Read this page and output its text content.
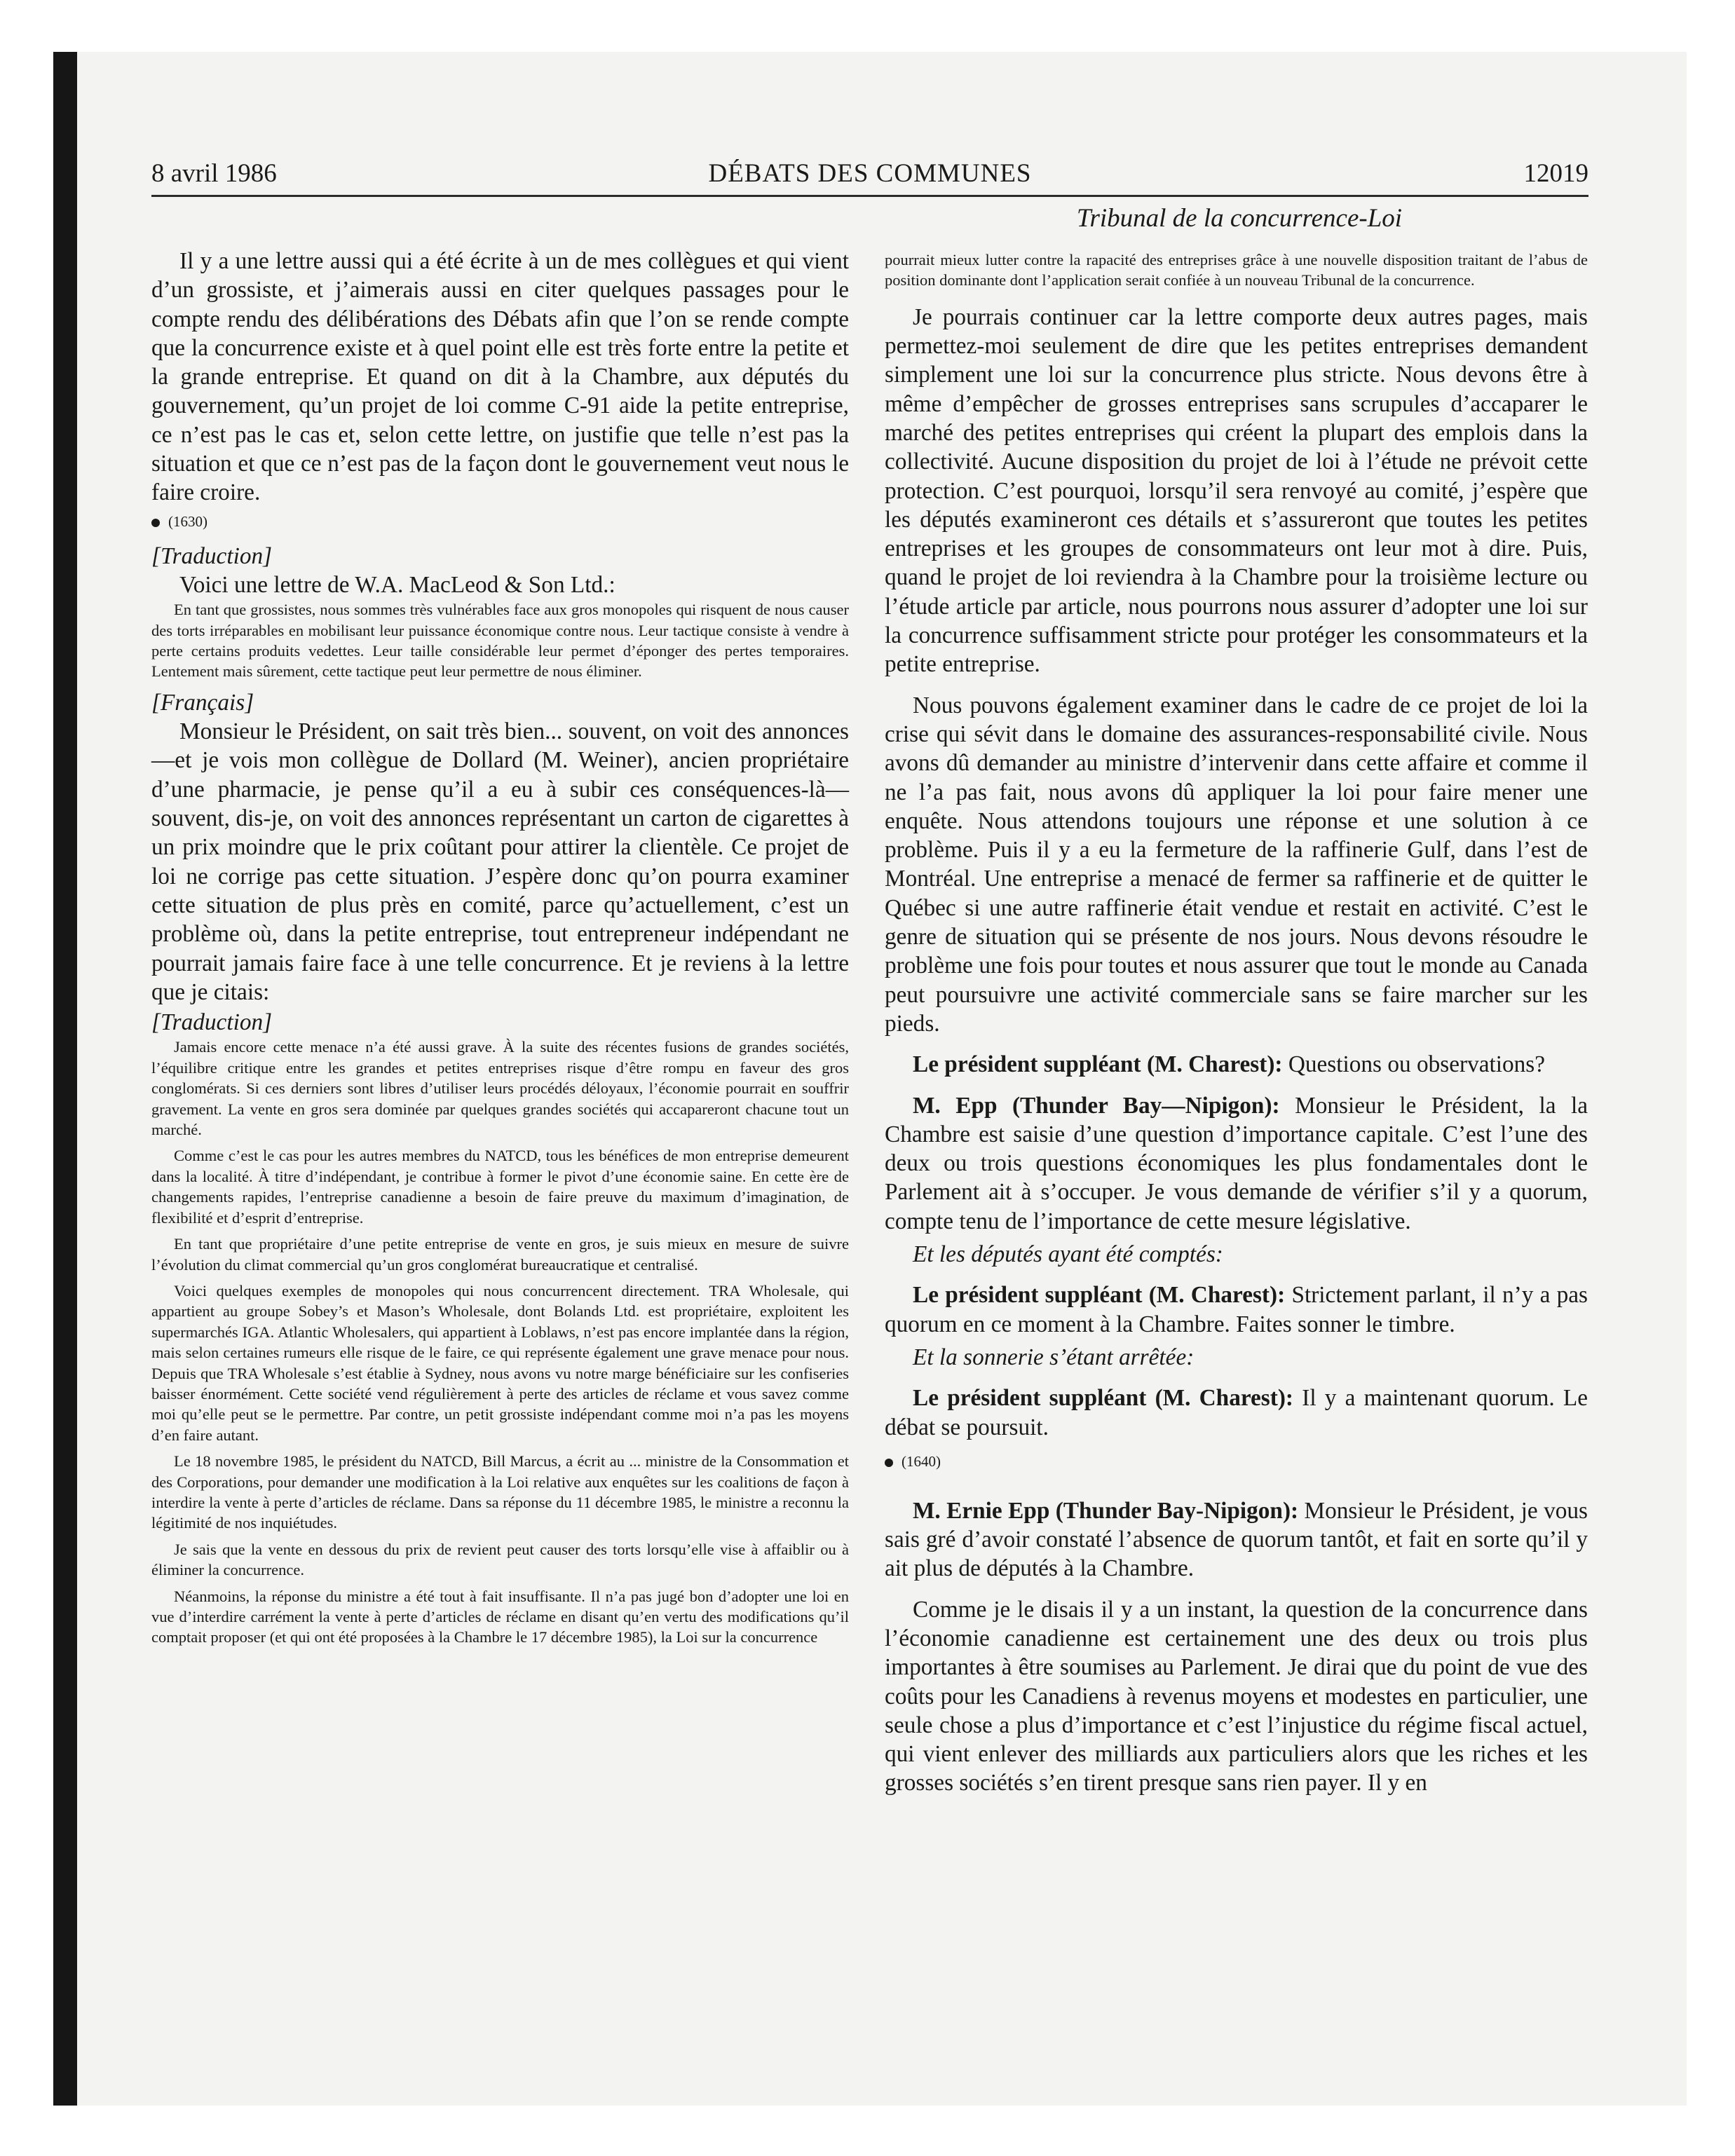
8 avril 1986	DÉBATS DES COMMUNES	12019
Tribunal de la concurrence-Loi

Il y a une lettre aussi qui a été écrite à un de mes collègues et qui vient d’un grossiste, et j’aimerais aussi en citer quelques passages pour le compte rendu des délibérations des Débats afin que l’on se rende compte que la concurrence existe et à quel point elle est très forte entre la petite et la grande entreprise. Et quand on dit à la Chambre, aux députés du gouvernement, qu’un projet de loi comme C-91 aide la petite entreprise, ce n’est pas le cas et, selon cette lettre, on justifie que telle n’est pas la situation et que ce n’est pas de la façon dont le gouvernement veut nous le faire croire.

(1630)

[Traduction]

Voici une lettre de W.A. MacLeod & Son Ltd.:

En tant que grossistes, nous sommes très vulnérables face aux gros monopoles qui risquent de nous causer des torts irréparables en mobilisant leur puissance économique contre nous. Leur tactique consiste à vendre à perte certains produits vedettes. Leur taille considérable leur permet d’éponger des pertes temporaires. Lentement mais sûrement, cette tactique peut leur permettre de nous éliminer.

[Français]

Monsieur le Président, on sait très bien... souvent, on voit des annonces—et je vois mon collègue de Dollard (M. Weiner), ancien propriétaire d’une pharmacie, je pense qu’il a eu à subir ces conséquences-là—souvent, dis-je, on voit des annonces représentant un carton de cigarettes à un prix moindre que le prix coûtant pour attirer la clientèle. Ce projet de loi ne corrige pas cette situation. J’espère donc qu’on pourra examiner cette situation de plus près en comité, parce qu’actuellement, c’est un problème où, dans la petite entreprise, tout entrepreneur indépendant ne pourrait jamais faire face à une telle concurrence. Et je reviens à la lettre que je citais:

[Traduction]

Jamais encore cette menace n’a été aussi grave. À la suite des récentes fusions de grandes sociétés, l’équilibre critique entre les grandes et petites entreprises risque d’être rompu en faveur des gros conglomérats. Si ces derniers sont libres d’utiliser leurs procédés déloyaux, l’économie pourrait en souffrir gravement. La vente en gros sera dominée par quelques grandes sociétés qui accapareront chacune tout un marché.

Comme c’est le cas pour les autres membres du NATCD, tous les bénéfices de mon entreprise demeurent dans la localité. À titre d’indépendant, je contribue à former le pivot d’une économie saine. En cette ère de changements rapides, l’entreprise canadienne a besoin de faire preuve du maximum d’imagination, de flexibilité et d’esprit d’entreprise.

En tant que propriétaire d’une petite entreprise de vente en gros, je suis mieux en mesure de suivre l’évolution du climat commercial qu’un gros conglomérat bureaucratique et centralisé.

Voici quelques exemples de monopoles qui nous concurrencent directement. TRA Wholesale, qui appartient au groupe Sobey’s et Mason’s Wholesale, dont Bolands Ltd. est propriétaire, exploitent les supermarchés IGA. Atlantic Wholesalers, qui appartient à Loblaws, n’est pas encore implantée dans la région, mais selon certaines rumeurs elle risque de le faire, ce qui représente également une grave menace pour nous. Depuis que TRA Wholesale s’est établie à Sydney, nous avons vu notre marge bénéficiaire sur les confiseries baisser énormément. Cette société vend régulièrement à perte des articles de réclame et vous savez comme moi qu’elle peut se le permettre. Par contre, un petit grossiste indépendant comme moi n’a pas les moyens d’en faire autant.

Le 18 novembre 1985, le président du NATCD, Bill Marcus, a écrit au ... ministre de la Consommation et des Corporations, pour demander une modification à la Loi relative aux enquêtes sur les coalitions de façon à interdire la vente à perte d’articles de réclame. Dans sa réponse du 11 décembre 1985, le ministre a reconnu la légitimité de nos inquiétudes.

Je sais que la vente en dessous du prix de revient peut causer des torts lorsqu’elle vise à affaiblir ou à éliminer la concurrence.

Néanmoins, la réponse du ministre a été tout à fait insuffisante. Il n’a pas jugé bon d’adopter une loi en vue d’interdire carrément la vente à perte d’articles de réclame en disant qu’en vertu des modifications qu’il comptait proposer (et qui ont été proposées à la Chambre le 17 décembre 1985), la Loi sur la concurrence

pourrait mieux lutter contre la rapacité des entreprises grâce à une nouvelle disposition traitant de l’abus de position dominante dont l’application serait confiée à un nouveau Tribunal de la concurrence.

Je pourrais continuer car la lettre comporte deux autres pages, mais permettez-moi seulement de dire que les petites entreprises demandent simplement une loi sur la concurrence plus stricte. Nous devons être à même d’empêcher de grosses entreprises sans scrupules d’accaparer le marché des petites entreprises qui créent la plupart des emplois dans la collectivité. Aucune disposition du projet de loi à l’étude ne prévoit cette protection. C’est pourquoi, lorsqu’il sera renvoyé au comité, j’espère que les députés examineront ces détails et s’assureront que toutes les petites entreprises et les groupes de consommateurs ont leur mot à dire. Puis, quand le projet de loi reviendra à la Chambre pour la troisième lecture ou l’étude article par article, nous pourrons nous assurer d’adopter une loi sur la concurrence suffisamment stricte pour protéger les consommateurs et la petite entreprise.

Nous pouvons également examiner dans le cadre de ce projet de loi la crise qui sévit dans le domaine des assurances-responsabilité civile. Nous avons dû demander au ministre d’intervenir dans cette affaire et comme il ne l’a pas fait, nous avons dû appliquer la loi pour faire mener une enquête. Nous attendons toujours une réponse et une solution à ce problème. Puis il y a eu la fermeture de la raffinerie Gulf, dans l’est de Montréal. Une entreprise a menacé de fermer sa raffinerie et de quitter le Québec si une autre raffinerie était vendue et restait en activité. C’est le genre de situation qui se présente de nos jours. Nous devons résoudre le problème une fois pour toutes et nous assurer que tout le monde au Canada peut poursuivre une activité commerciale sans se faire marcher sur les pieds.

Le président suppléant (M. Charest): Questions ou observations?

M. Epp (Thunder Bay—Nipigon): Monsieur le Président, la la Chambre est saisie d’une question d’importance capitale. C’est l’une des deux ou trois questions économiques les plus fondamentales dont le Parlement ait à s’occuper. Je vous demande de vérifier s’il y a quorum, compte tenu de l’importance de cette mesure législative.

Et les députés ayant été comptés:

Le président suppléant (M. Charest): Strictement parlant, il n’y a pas quorum en ce moment à la Chambre. Faites sonner le timbre.

Et la sonnerie s’étant arrêtée:

Le président suppléant (M. Charest): Il y a maintenant quorum. Le débat se poursuit.

(1640)

M. Ernie Epp (Thunder Bay-Nipigon): Monsieur le Président, je vous sais gré d’avoir constaté l’absence de quorum tantôt, et fait en sorte qu’il y ait plus de députés à la Chambre.

Comme je le disais il y a un instant, la question de la concurrence dans l’économie canadienne est certainement une des deux ou trois plus importantes à être soumises au Parlement. Je dirai que du point de vue des coûts pour les Canadiens à revenus moyens et modestes en particulier, une seule chose a plus d’importance et c’est l’injustice du régime fiscal actuel, qui vient enlever des milliards aux particuliers alors que les riches et les grosses sociétés s’en tirent presque sans rien payer. Il y en
